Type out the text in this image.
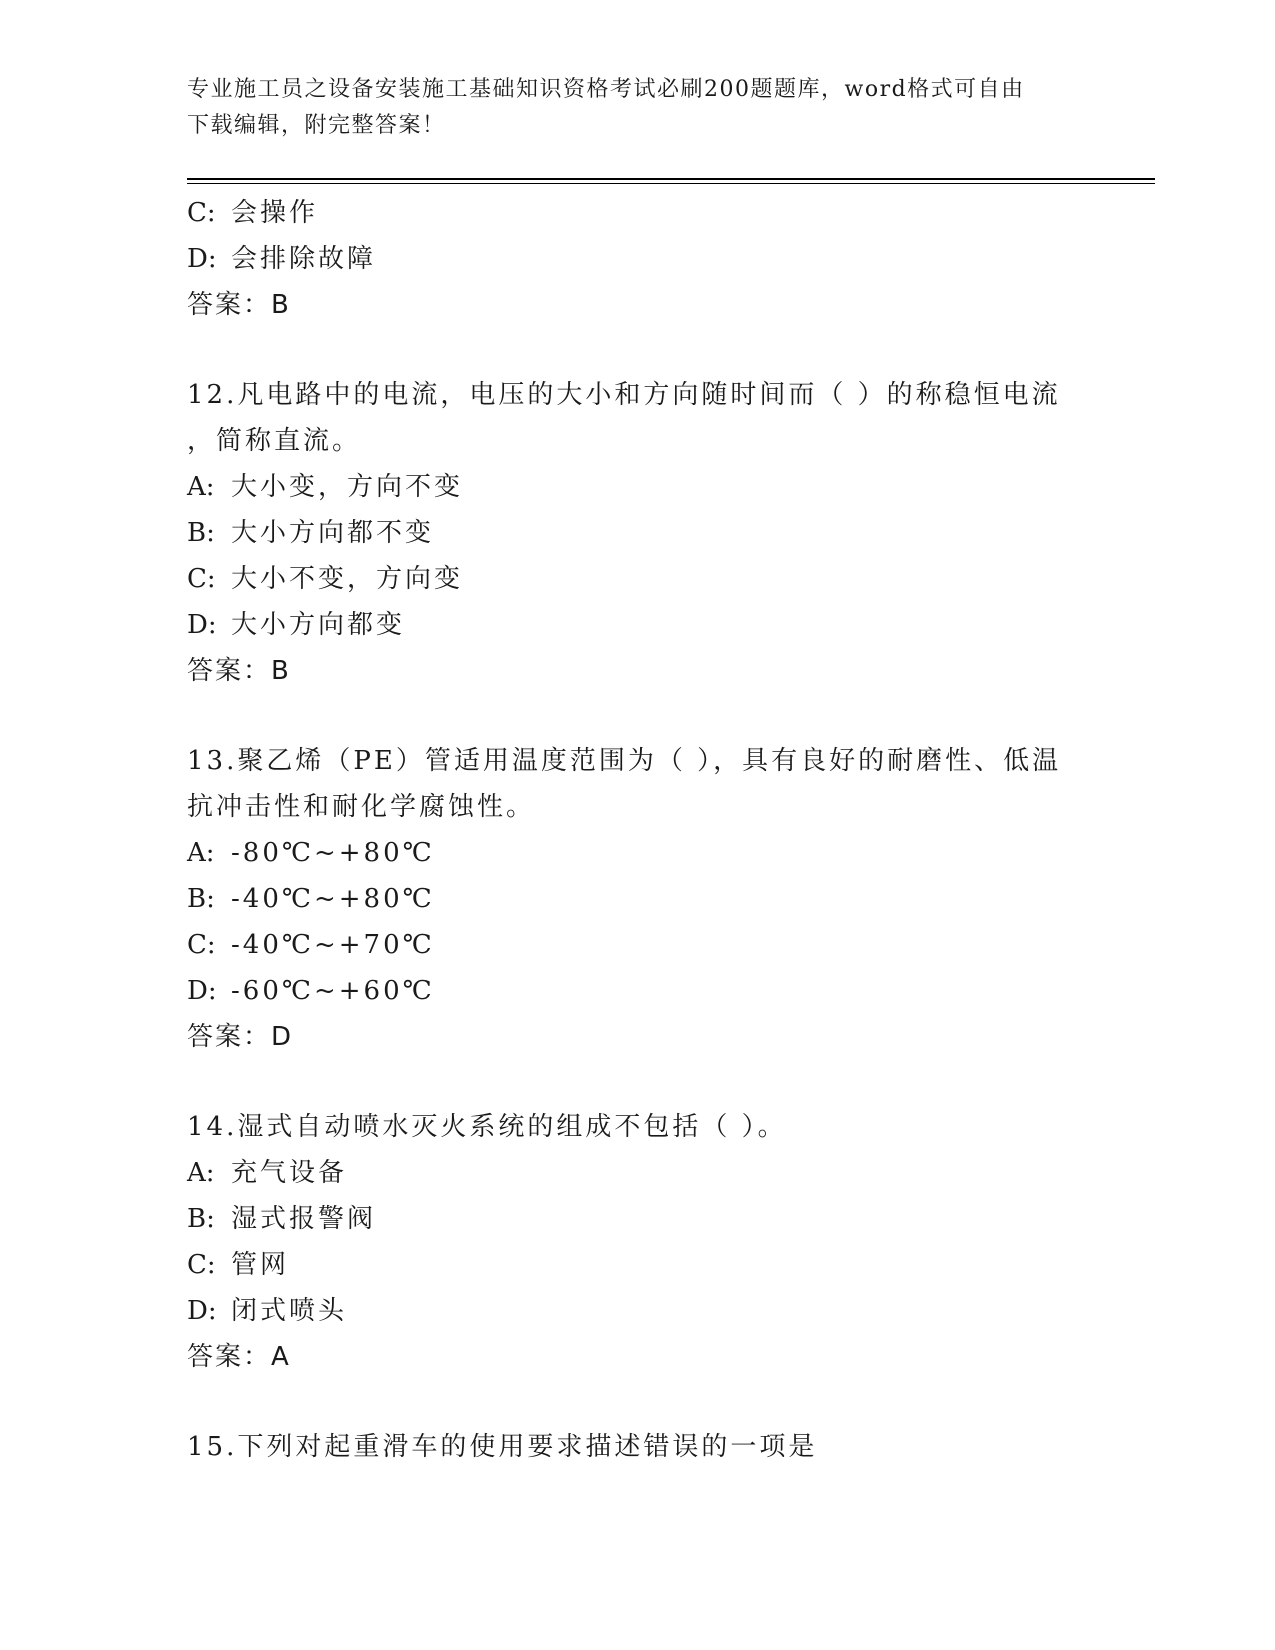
专业施工员之设备安装施工基础知识资格考试必刷200题题库，word格式可自由
下载编辑，附完整答案！
C: 会操作
D: 会排除故障
答案：B
12.凡电路中的电流，电压的大小和方向随时间而（ ）的称稳恒电流
，简称直流。
A: 大小变，方向不变
B: 大小方向都不变
C: 大小不变，方向变
D: 大小方向都变
答案：B
13.聚乙烯（PE）管适用温度范围为（ ），具有良好的耐磨性、低温
抗冲击性和耐化学腐蚀性。
A: -80℃~+80℃
B: -40℃~+80℃
C: -40℃~+70℃
D: -60℃~+60℃
答案：D
14.湿式自动喷水灭火系统的组成不包括（ ）。
A: 充气设备
B: 湿式报警阀
C: 管网
D: 闭式喷头
答案：A
15.下列对起重滑车的使用要求描述错误的一项是
